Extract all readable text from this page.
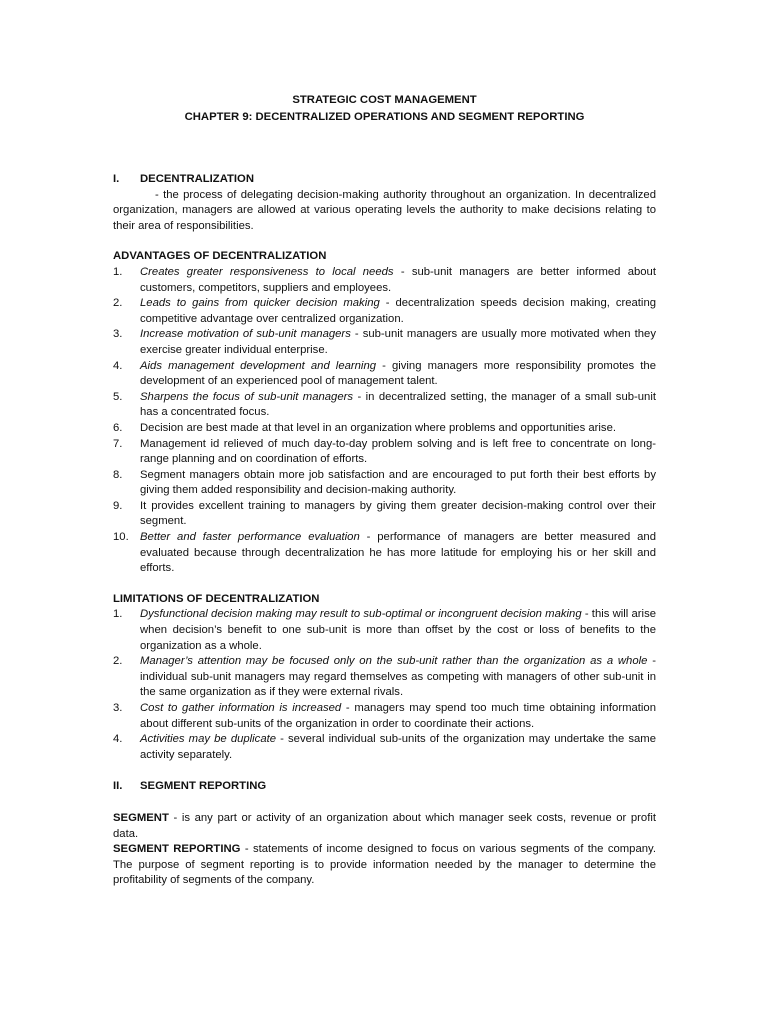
STRATEGIC COST MANAGEMENT
CHAPTER 9: DECENTRALIZED OPERATIONS AND SEGMENT REPORTING
I.	DECENTRALIZATION
- the process of delegating decision-making authority throughout an organization. In decentralized organization, managers are allowed at various operating levels the authority to make decisions relating to their area of responsibilities.
ADVANTAGES OF DECENTRALIZATION
1.	Creates greater responsiveness to local needs - sub-unit managers are better informed about customers, competitors, suppliers and employees.
2.	Leads to gains from quicker decision making - decentralization speeds decision making, creating competitive advantage over centralized organization.
3.	Increase motivation of sub-unit managers - sub-unit managers are usually more motivated when they exercise greater individual enterprise.
4.	Aids management development and learning - giving managers more responsibility promotes the development of an experienced pool of management talent.
5.	Sharpens the focus of sub-unit managers - in decentralized setting, the manager of a small sub-unit has a concentrated focus.
6.	Decision are best made at that level in an organization where problems and opportunities arise.
7.	Management id relieved of much day-to-day problem solving and is left free to concentrate on long-range planning and on coordination of efforts.
8.	Segment managers obtain more job satisfaction and are encouraged to put forth their best efforts by giving them added responsibility and decision-making authority.
9.	It provides excellent training to managers by giving them greater decision-making control over their segment.
10. Better and faster performance evaluation - performance of managers are better measured and evaluated because through decentralization he has more latitude for employing his or her skill and efforts.
LIMITATIONS OF DECENTRALIZATION
1.	Dysfunctional decision making may result to sub-optimal or incongruent decision making - this will arise when decision’s benefit to one sub-unit is more than offset by the cost or loss of benefits to the organization as a whole.
2.	Manager’s attention may be focused only on the sub-unit rather than the organization as a whole - individual sub-unit managers may regard themselves as competing with managers of other sub-unit in the same organization as if they were external rivals.
3.	Cost to gather information is increased - managers may spend too much time obtaining information about different sub-units of the organization in order to coordinate their actions.
4.	Activities may be duplicate - several individual sub-units of the organization may undertake the same activity separately.
II.	SEGMENT REPORTING
SEGMENT - is any part or activity of an organization about which manager seek costs, revenue or profit data.
SEGMENT REPORTING - statements of income designed to focus on various segments of the company. The purpose of segment reporting is to provide information needed by the manager to determine the profitability of segments of the company.
